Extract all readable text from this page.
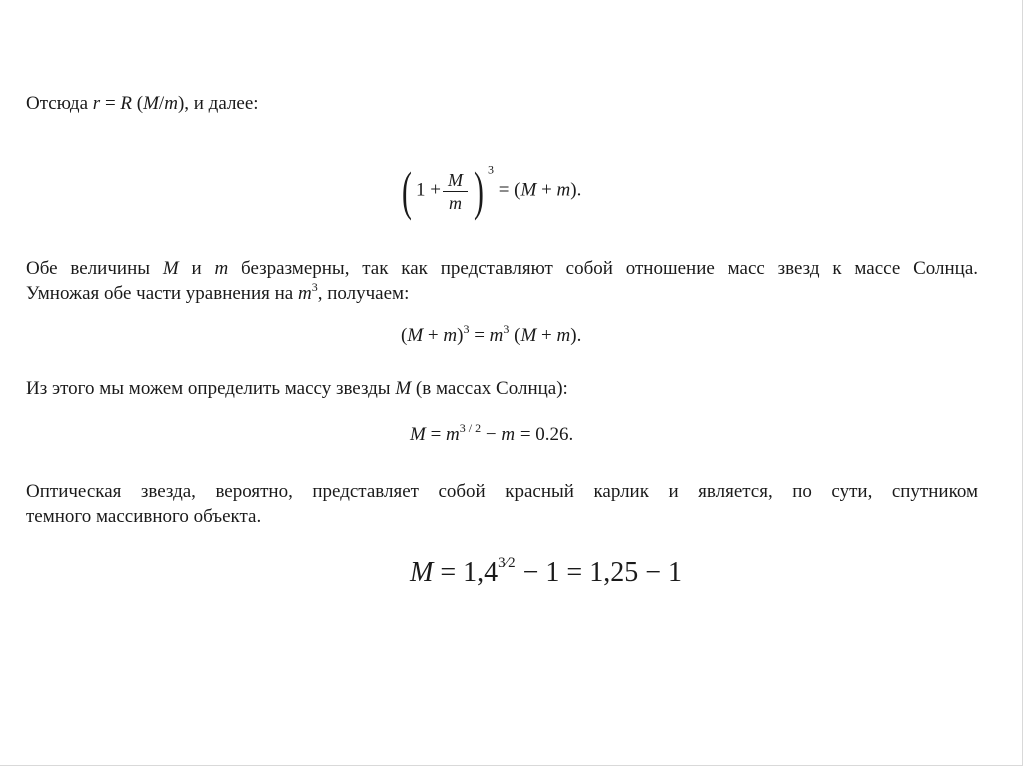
Отсюда r = R (M/m), и далее:
( $1 + \frac{M}{m}$ ) $^3$ = (M + m).
Обе величины M и m безразмерны, так как представляют собой отношение масс звезд к массе Солнца.
Умножая обе части уравнения на $m^3$, получаем:
$(M + m)^3 = m^3$ (M + m).
Из этого мы можем определить массу звезды M (в массах Солнца):
$M = m^{3 / 2} - m = 0.26$.
Оптическая звезда, вероятно, представляет собой красный карлик и является, по сути, спутником
темного массивного объекта.
$M = 1,4^{3⁄2} - 1 = 1,25 - 1$
